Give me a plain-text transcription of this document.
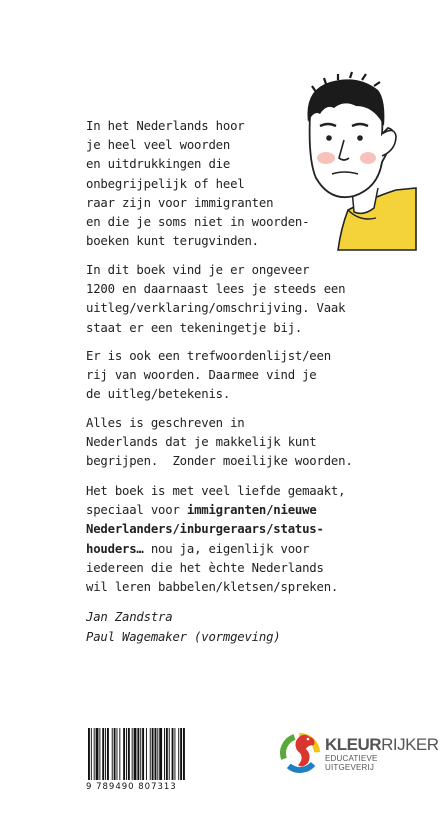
In het Nederlands hoor
je heel veel woorden
en uitdrukkingen die
onbegrijpelijk of heel
raar zijn voor immigranten
en die je soms niet in woorden-
boeken kunt terugvinden.
In dit boek vind je er ongeveer
1200 en daarnaast lees je steeds een
uitleg/verklaring/omschrijving. Vaak
staat er een tekeningetje bij.
Er is ook een trefwoordenlijst/een
rij van woorden. Daarmee vind je
de uitleg/betekenis.
Alles is geschreven in
Nederlands dat je makkelijk kunt
begrijpen.  Zonder moeilijke woorden.
Het boek is met veel liefde gemaakt,
speciaal voor immigranten/nieuwe
Nederlanders/inburgeraars/status-
houders… nou ja, eigenlijk voor
iedereen die het èchte Nederlands
wil leren babbelen/kletsen/spreken.
Jan Zandstra
Paul Wagemaker (vormgeving)
9 789490 807313
KLEURRIJKER
EDUCATIEVE UITGEVERIJ
